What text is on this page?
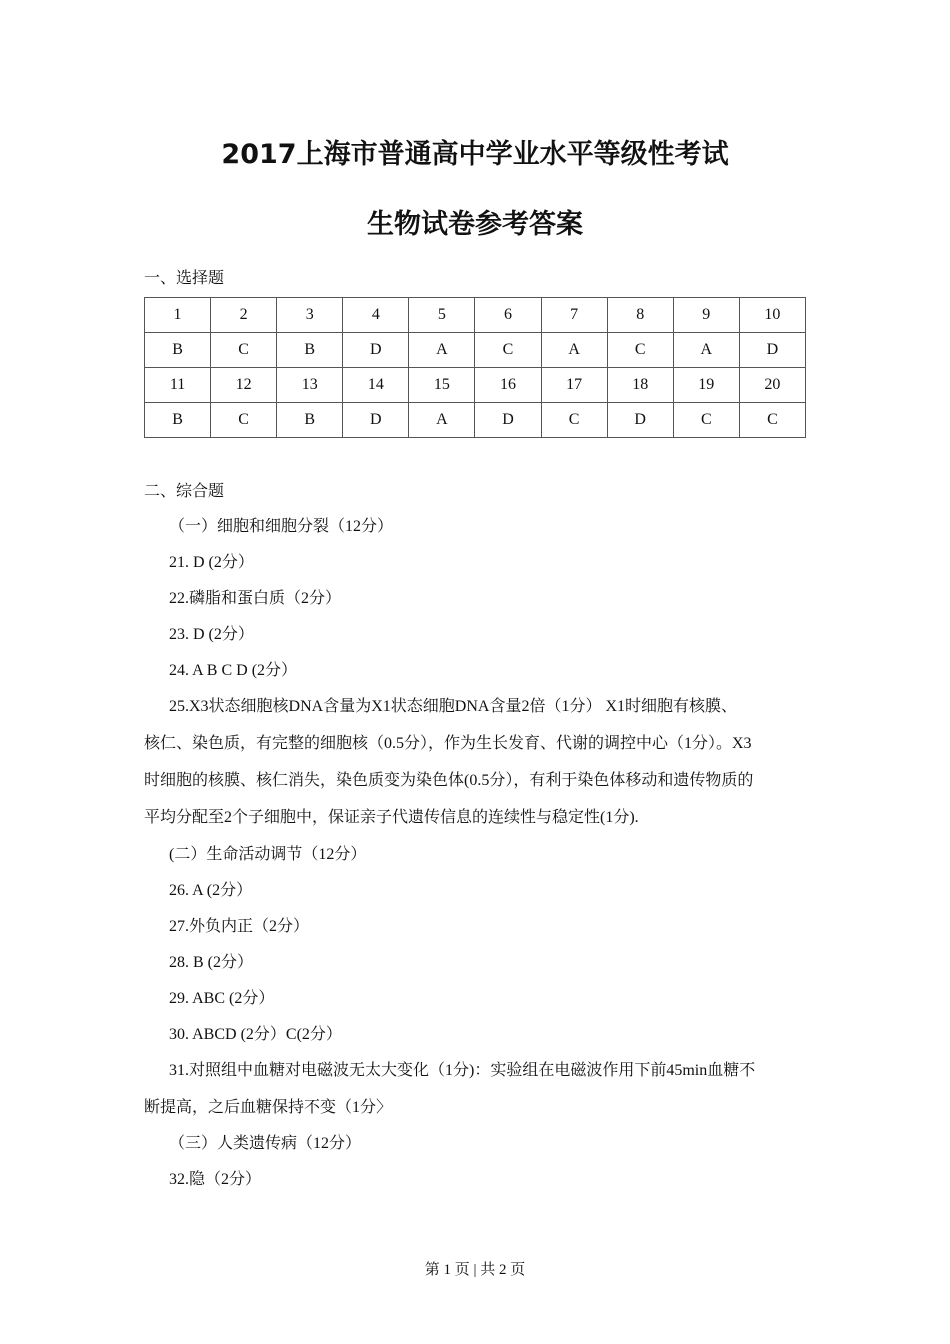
2017上海市普通高中学业水平等级性考试
生物试卷参考答案
一、选择题
1	2	3	4	5	6	7	8	9	10
B	C	B	D	A	C	A	C	A	D
11	12	13	14	15	16	17	18	19	20
B	C	B	D	A	D	C	D	C	C
二、综合题
（一）细胞和细胞分裂（12分）
21. D (2分）
22.磷脂和蛋白质（2分）
23. D (2分）
24. A B C D (2分）
25.X3状态细胞核DNA含量为X1状态细胞DNA含量2倍（1分） X1时细胞有核膜、
核仁、染色质，有完整的细胞核（0.5分），作为生长发育、代谢的调控中心（1分）。X3
时细胞的核膜、核仁消失，染色质变为染色体(0.5分），有利于染色体移动和遗传物质的
平均分配至2个子细胞中，保证亲子代遗传信息的连续性与稳定性(1分).
(二）生命活动调节（12分）
26. A (2分）
27.外负内正（2分）
28. B (2分）
29. ABC (2分）
30. ABCD (2分）C(2分）
31.对照组中血糖对电磁波无太大变化（1分)：实验组在电磁波作用下前45min血糖不
断提高，之后血糖保持不变（1分〉
（三）人类遗传病（12分）
32.隐（2分）
第 1 页 | 共 2 页
